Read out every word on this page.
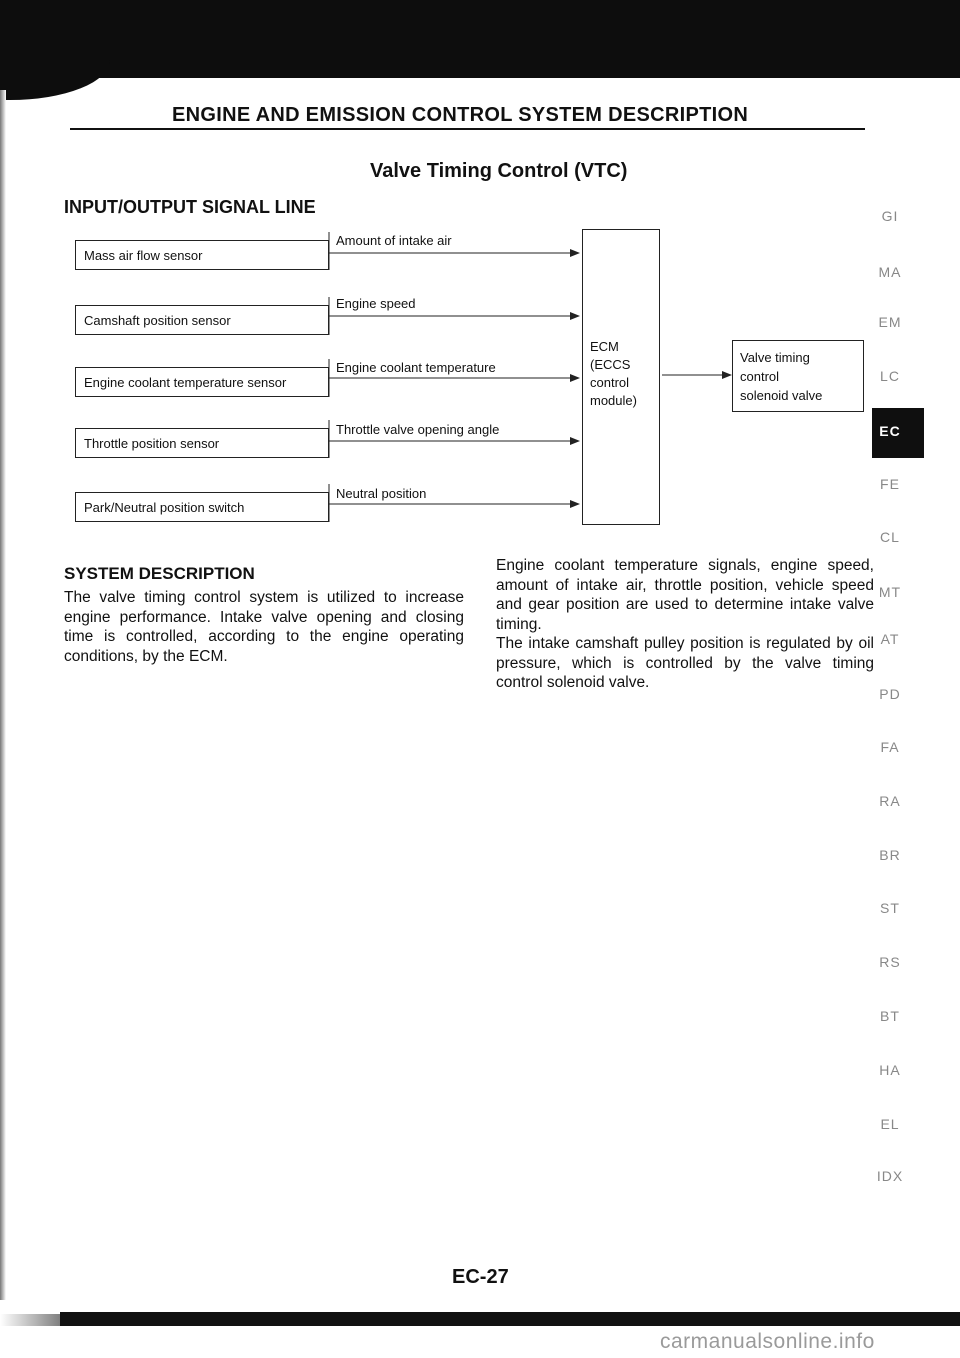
ENGINE AND EMISSION CONTROL SYSTEM DESCRIPTION
Valve Timing Control (VTC)
INPUT/OUTPUT SIGNAL LINE
Mass air flow sensor
Camshaft position sensor
Engine coolant temperature sensor
Throttle position sensor
Park/Neutral position switch
Amount of intake air
Engine speed
Engine coolant temperature
Throttle valve opening angle
Neutral position
ECM
(ECCS
control
module)
Valve timing
control
solenoid valve
SYSTEM DESCRIPTION

The valve timing control system is utilized to increase engine performance. Intake valve opening and closing time is controlled, according to the engine operating conditions, by the ECM.

Engine coolant temperature signals, engine speed, amount of intake air, throttle position, vehicle speed and gear position are used to determine intake valve timing.

The intake camshaft pulley position is regulated by oil pressure, which is controlled by the valve timing control solenoid valve.

GI
MA
EM
LC
EC
FE
CL
MT
AT
PD
FA
RA
BR
ST
RS
BT
HA
EL
IDX
EC-27
carmanualsonline.info
